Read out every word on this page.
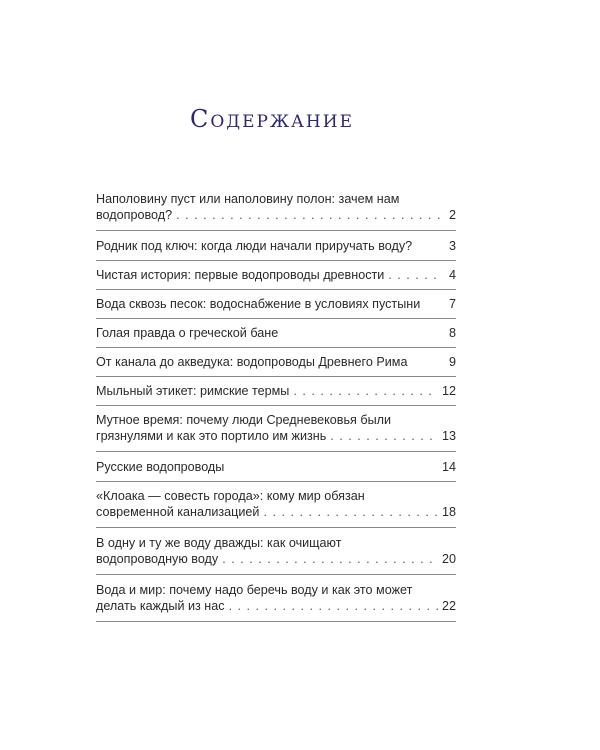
Содержание
Наполовину пуст или наполовину полон: зачем нам
водопровод? . . .	2
Родник под ключ: когда люди начали приручать воду?	3
Чистая история: первые водопроводы древности . . .	4
Вода сквозь песок: водоснабжение в условиях пустыни	7
Голая правда о греческой бане	8
От канала до акведука: водопроводы Древнего Рима	9
Мыльный этикет: римские термы . . .	12
Мутное время: почему люди Средневековья были
грязнулями и как это портило им жизнь . . .	13
Русские водопроводы	14
«Клоака — совесть города»: кому мир обязан
современной канализацией . . .	18
В одну и ту же воду дважды: как очищают
водопроводную воду . . .	20
Вода и мир: почему надо беречь воду и как это может
делать каждый из нас . . .	22
